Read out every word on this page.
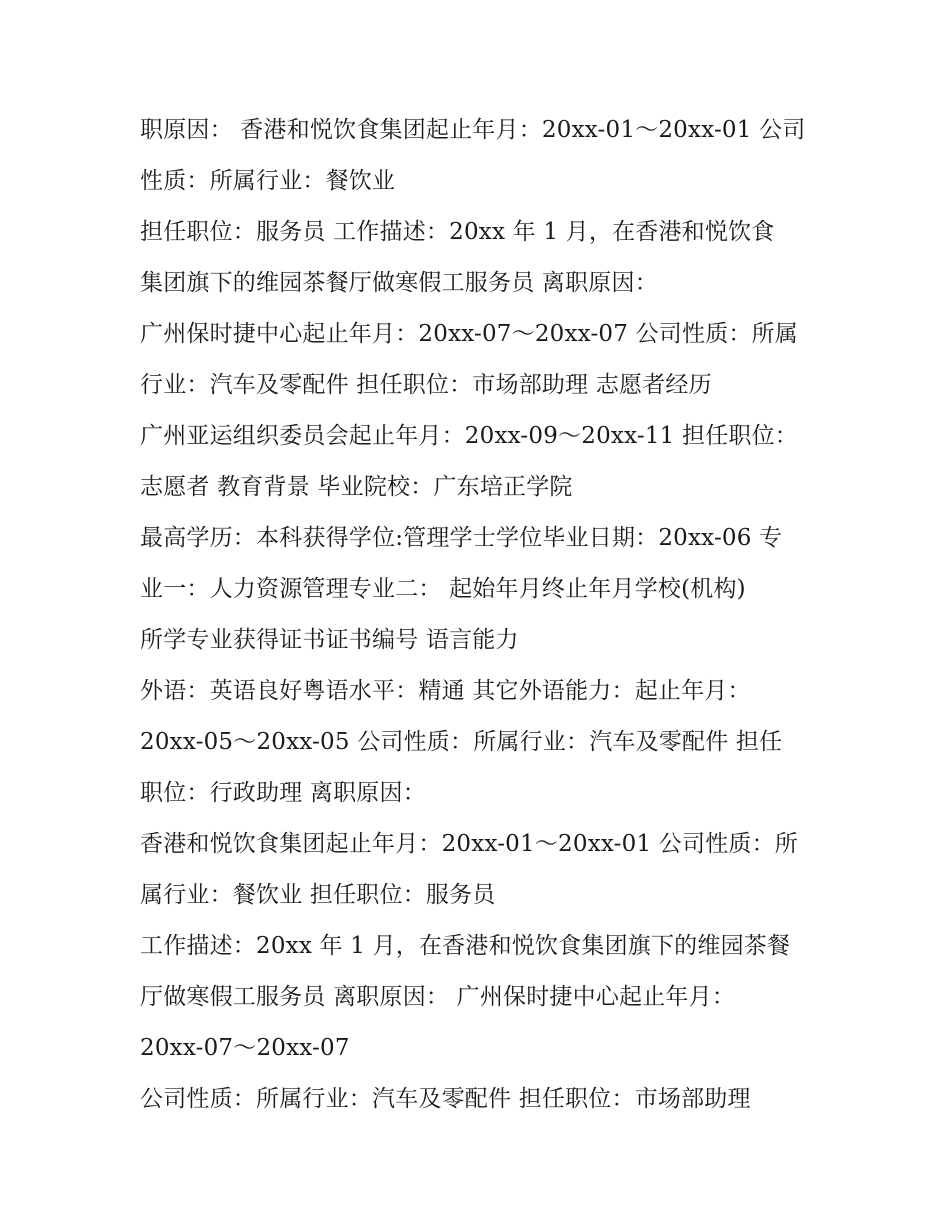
职原因： 香港和悦饮食集团起止年月：20xx-01～20xx-01 公司
性质：所属行业：餐饮业
担任职位：服务员 工作描述：20xx 年 1 月，在香港和悦饮食
集团旗下的维园茶餐厅做寒假工服务员 离职原因：
广州保时捷中心起止年月：20xx-07～20xx-07 公司性质：所属
行业：汽车及零配件 担任职位：市场部助理 志愿者经历
广州亚运组织委员会起止年月：20xx-09～20xx-11 担任职位：
志愿者 教育背景 毕业院校：广东培正学院
最高学历：本科获得学位:管理学士学位毕业日期：20xx-06 专
业一：人力资源管理专业二： 起始年月终止年月学校(机构)
所学专业获得证书证书编号 语言能力
外语：英语良好粤语水平：精通 其它外语能力：起止年月：
20xx-05～20xx-05 公司性质：所属行业：汽车及零配件 担任
职位：行政助理 离职原因：
香港和悦饮食集团起止年月：20xx-01～20xx-01 公司性质：所
属行业：餐饮业 担任职位：服务员
工作描述：20xx 年 1 月，在香港和悦饮食集团旗下的维园茶餐
厅做寒假工服务员 离职原因： 广州保时捷中心起止年月：
20xx-07～20xx-07
公司性质：所属行业：汽车及零配件 担任职位：市场部助理
